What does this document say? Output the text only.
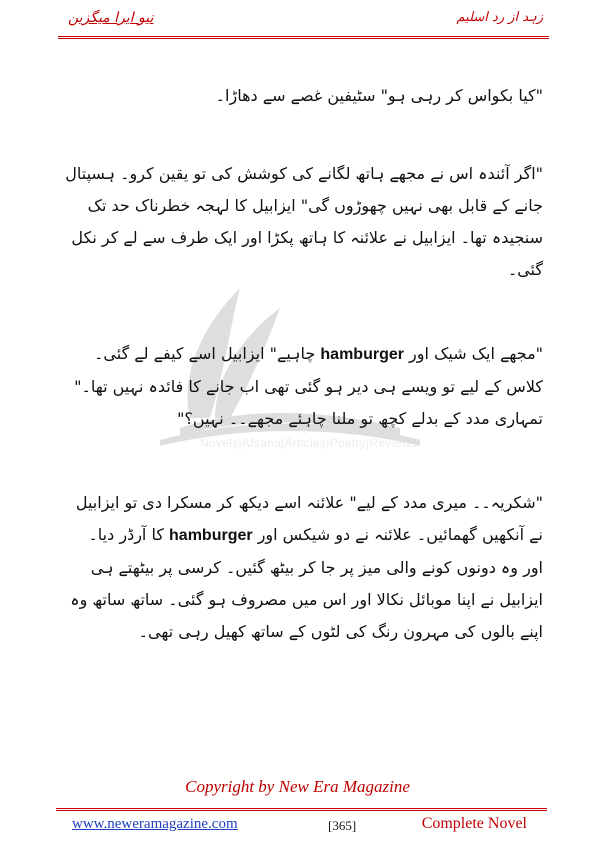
نیو ایرا میگزین	زہد از رد اسلیم
Novels|Afsana|Articles|Poetry|Reviews

"کیا بکواس کر رہی ہو" سٹیفین غصے سے دھاڑا۔

"اگر آئندہ اس نے مجھے ہاتھ لگانے کی کوشش کی تو یقین کرو۔ ہسپتال جانے کے قابل بھی نہیں چھوڑوں گی" ایزابیل کا لہجہ خطرناک حد تک سنجیدہ تھا۔ ایزابیل نے علائنہ کا ہاتھ پکڑا اور ایک طرف سے لے کر نکل گئی۔

"مجھے ایک شیک اور hamburger چاہیے" ایزابیل اسے کیفے لے گئی۔ کلاس کے لیے تو ویسے ہی دیر ہو گئی تھی اب جانے کا فائدہ نہیں تھا۔" تمہاری مدد کے بدلے کچھ تو ملنا چاہئے مجھے۔۔ نہیں؟"

"شکریہ۔۔ میری مدد کے لیے" علائنہ اسے دیکھ کر مسکرا دی تو ایزابیل نے آنکھیں گھمائیں۔ علائنہ نے دو شیکس اور hamburger کا آرڈر دیا۔ اور وہ دونوں کونے والی میز پر جا کر بیٹھ گئیں۔ کرسی پر بیٹھتے ہی ایزابیل نے اپنا موبائل نکالا اور اس میں مصروف ہو گئی۔ ساتھ ساتھ وہ اپنے بالوں کی مہرون رنگ کی لٹوں کے ساتھ کھیل رہی تھی۔

Copyright by New Era Magazine
www.neweramagazine.com	[365]	Complete Novel
